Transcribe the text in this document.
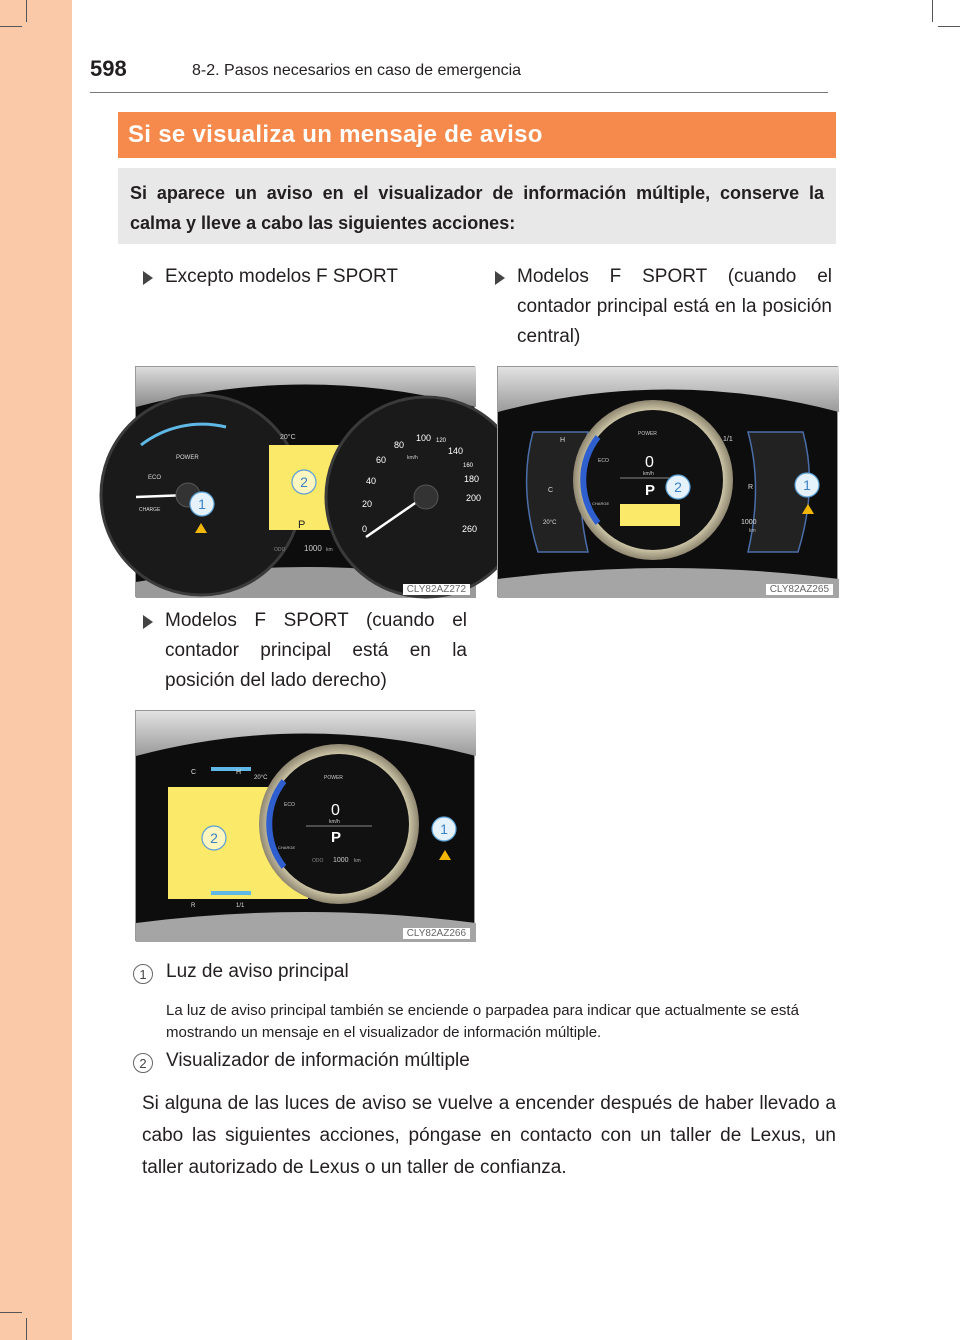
598	8-2. Pasos necesarios en caso de emergencia
Si se visualiza un mensaje de aviso
Si aparece un aviso en el visualizador de información múltiple, conserve la calma y lleve a cabo las siguientes acciones:
Excepto modelos F SPORT	Modelos F SPORT (cuando el contador principal está en la posición central)
Modelos F SPORT (cuando el contador principal está en la posición del lado derecho)
POWER
ECO
CHARGE
20°C
P
ODO 1000 km
0
20
40
60
80
100 120
140
160
180
200
260
km/h
1
2
CLY82AZ272
H
C
20°C
1/1
R
1000
km
POWER
ECO
CHARGE
0
km/h
P	1
2
CLY82AZ265
C	H
20°C
R	1/1
POWER
ECO
CHARGE
0
km/h
P
ODO 1000 km
1
2
CLY82AZ266
1	Luz de aviso principal
La luz de aviso principal también se enciende o parpadea para indicar que actualmente se está mostrando un mensaje en el visualizador de información múltiple.
2	Visualizador de información múltiple
Si alguna de las luces de aviso se vuelve a encender después de haber llevado a cabo las siguientes acciones, póngase en contacto con un taller de Lexus, un taller autorizado de Lexus o un taller de confianza.
